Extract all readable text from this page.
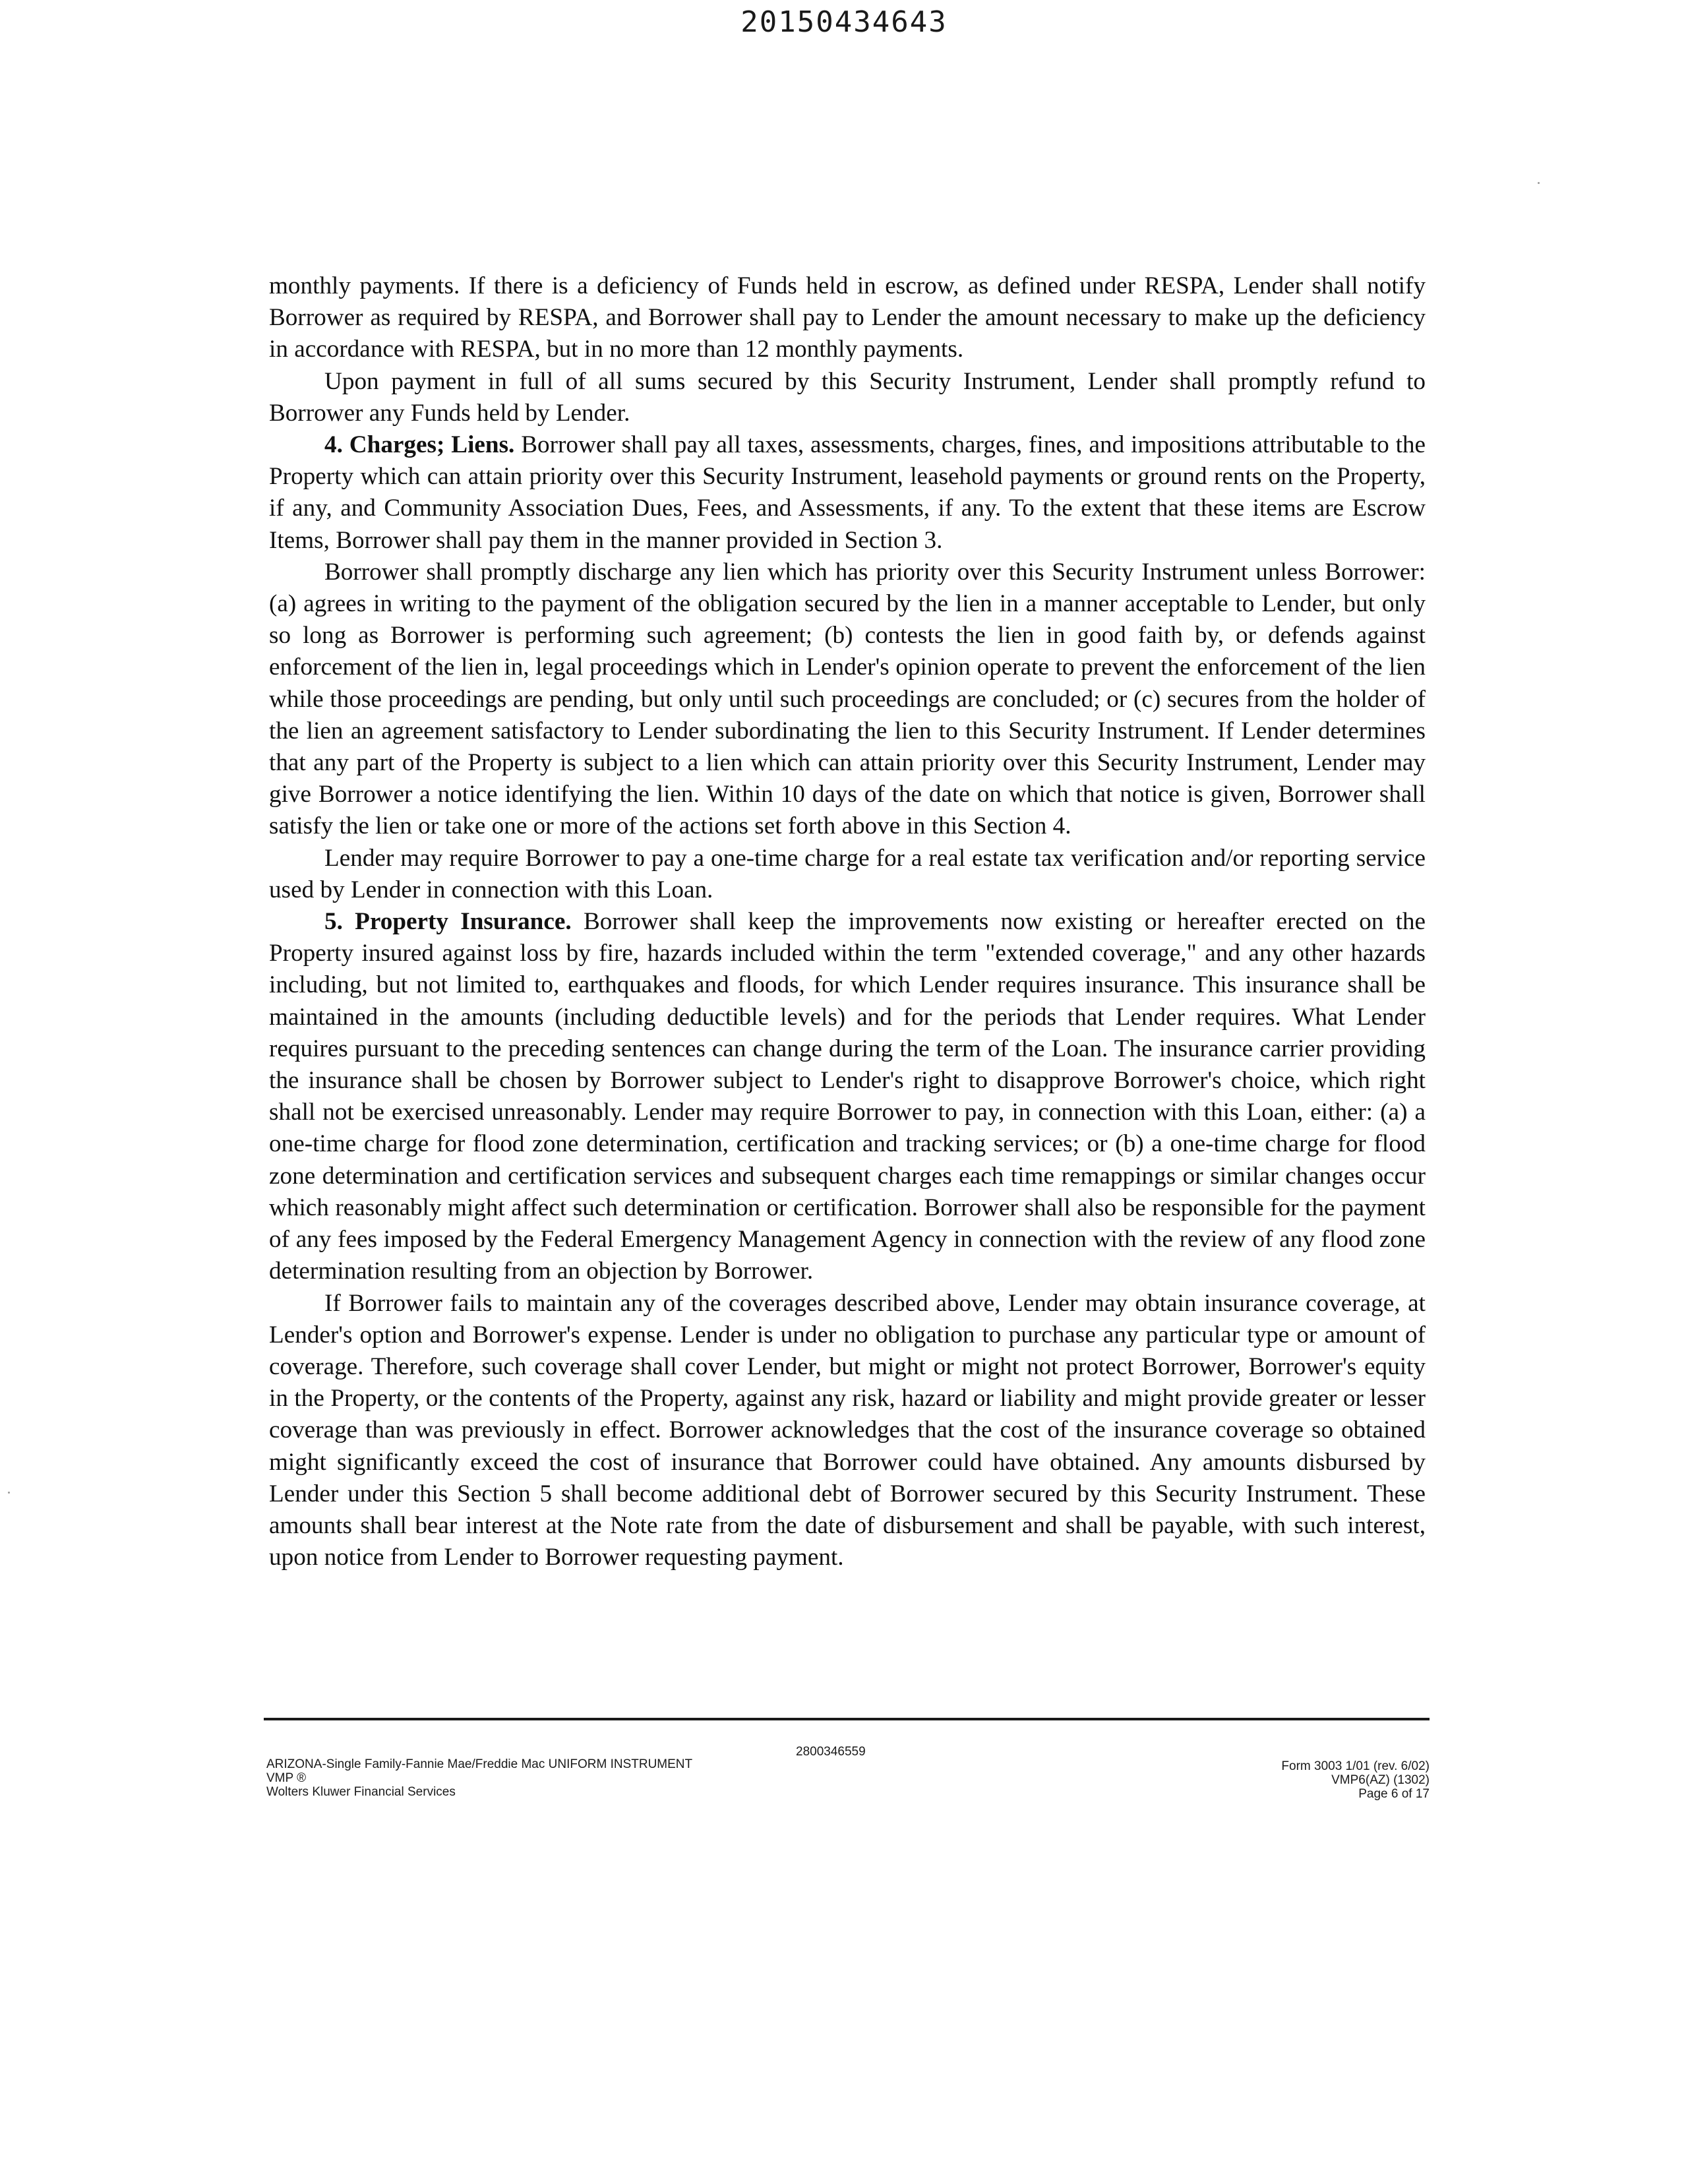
20150434643

monthly payments. If there is a deficiency of Funds held in escrow, as defined under RESPA, Lender shall notify Borrower as required by RESPA, and Borrower shall pay to Lender the amount necessary to make up the deficiency in accordance with RESPA, but in no more than 12 monthly payments.

Upon payment in full of all sums secured by this Security Instrument, Lender shall promptly refund to Borrower any Funds held by Lender.

4. Charges; Liens. Borrower shall pay all taxes, assessments, charges, fines, and impositions attributable to the Property which can attain priority over this Security Instrument, leasehold payments or ground rents on the Property, if any, and Community Association Dues, Fees, and Assessments, if any. To the extent that these items are Escrow Items, Borrower shall pay them in the manner provided in Section 3.

Borrower shall promptly discharge any lien which has priority over this Security Instrument unless Borrower: (a) agrees in writing to the payment of the obligation secured by the lien in a manner acceptable to Lender, but only so long as Borrower is performing such agreement; (b) contests the lien in good faith by, or defends against enforcement of the lien in, legal proceedings which in Lender's opinion operate to prevent the enforcement of the lien while those proceedings are pending, but only until such proceedings are concluded; or (c) secures from the holder of the lien an agreement satisfactory to Lender subordinating the lien to this Security Instrument. If Lender determines that any part of the Property is subject to a lien which can attain priority over this Security Instrument, Lender may give Borrower a notice identifying the lien. Within 10 days of the date on which that notice is given, Borrower shall satisfy the lien or take one or more of the actions set forth above in this Section 4.

Lender may require Borrower to pay a one-time charge for a real estate tax verification and/or reporting service used by Lender in connection with this Loan.

5. Property Insurance. Borrower shall keep the improvements now existing or hereafter erected on the Property insured against loss by fire, hazards included within the term "extended coverage," and any other hazards including, but not limited to, earthquakes and floods, for which Lender requires insurance. This insurance shall be maintained in the amounts (including deductible levels) and for the periods that Lender requires. What Lender requires pursuant to the preceding sentences can change during the term of the Loan. The insurance carrier providing the insurance shall be chosen by Borrower subject to Lender's right to disapprove Borrower's choice, which right shall not be exercised unreasonably. Lender may require Borrower to pay, in connection with this Loan, either: (a) a one-time charge for flood zone determination, certification and tracking services; or (b) a one-time charge for flood zone determination and certification services and subsequent charges each time remappings or similar changes occur which reasonably might affect such determination or certification. Borrower shall also be responsible for the payment of any fees imposed by the Federal Emergency Management Agency in connection with the review of any flood zone determination resulting from an objection by Borrower.

If Borrower fails to maintain any of the coverages described above, Lender may obtain insurance coverage, at Lender's option and Borrower's expense. Lender is under no obligation to purchase any particular type or amount of coverage. Therefore, such coverage shall cover Lender, but might or might not protect Borrower, Borrower's equity in the Property, or the contents of the Property, against any risk, hazard or liability and might provide greater or lesser coverage than was previously in effect. Borrower acknowledges that the cost of the insurance coverage so obtained might significantly exceed the cost of insurance that Borrower could have obtained. Any amounts disbursed by Lender under this Section 5 shall become additional debt of Borrower secured by this Security Instrument. These amounts shall bear interest at the Note rate from the date of disbursement and shall be payable, with such interest, upon notice from Lender to Borrower requesting payment.

2800346559
ARIZONA-Single Family-Fannie Mae/Freddie Mac UNIFORM INSTRUMENT
VMP ®
Wolters Kluwer Financial Services
Form 3003 1/01 (rev. 6/02)
VMP6(AZ) (1302)
Page 6 of 17
